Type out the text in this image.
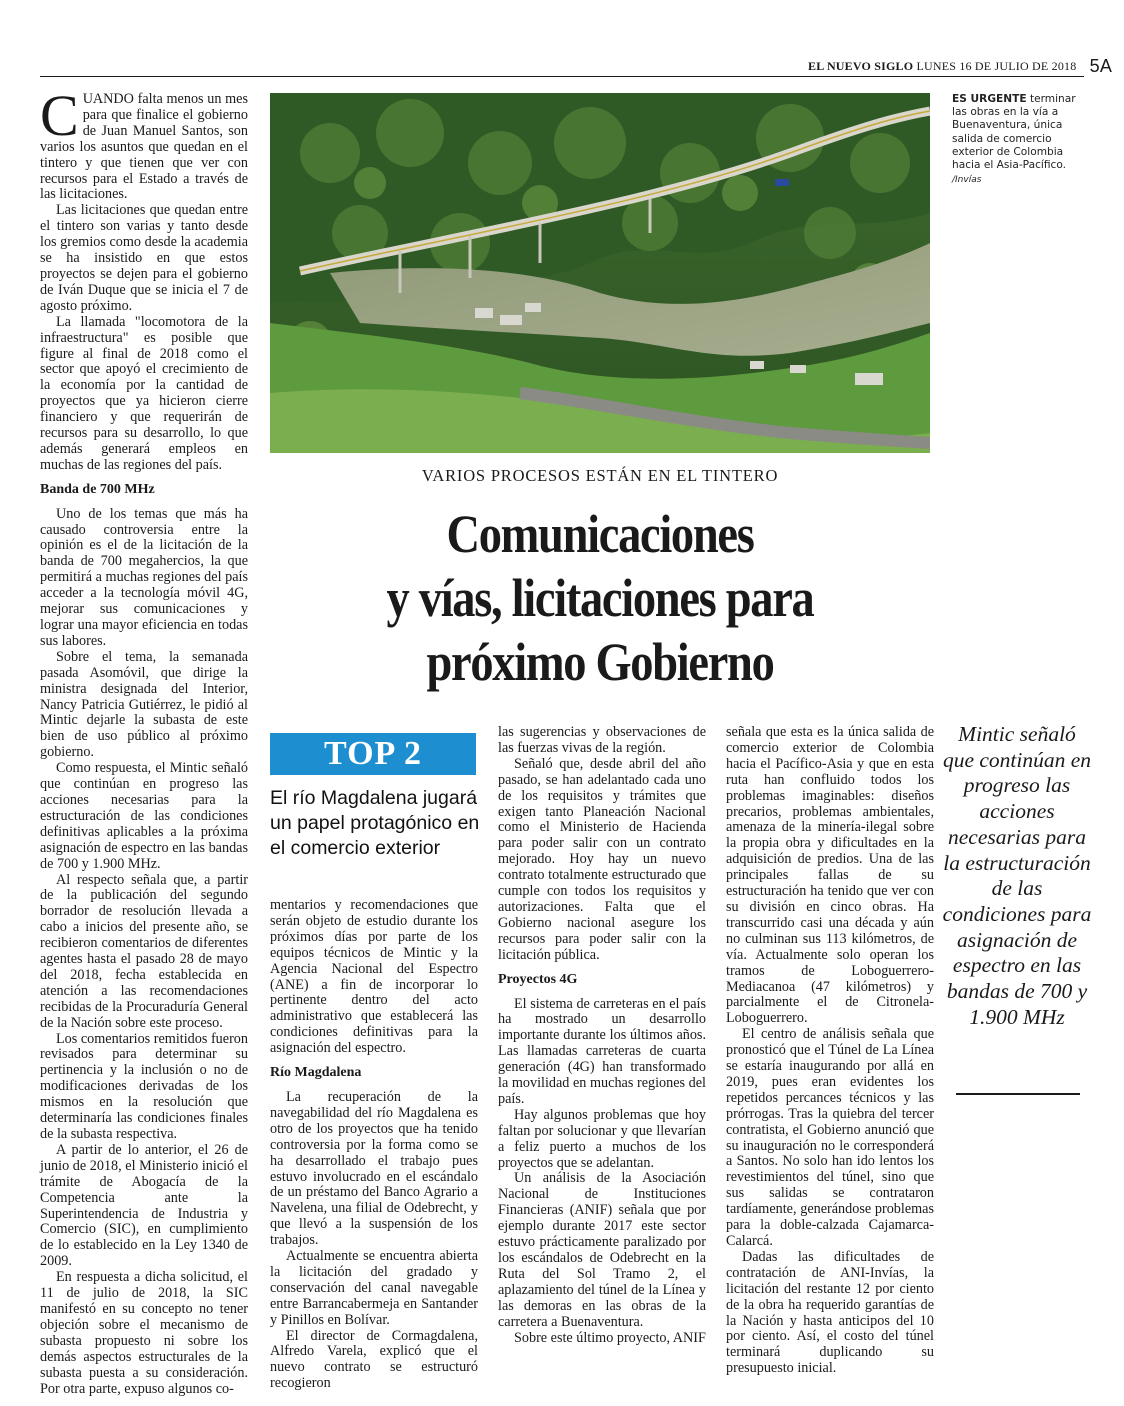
EL NUEVO SIGLO LUNES 16 DE JULIO DE 2018 5A
ES URGENTE terminar las obras en la vía a Buenaventura, única salida de comercio exterior de Colombia hacia el Asia-Pacífico.
/Invías
VARIOS PROCESOS ESTÁN EN EL TINTERO
Comunicaciones
y vías, licitaciones para
próximo Gobierno
TOP 2
El río Magdalena jugará un papel protagónico en el comercio exterior

CUANDO falta menos un mes para que finalice el gobierno de Juan Manuel Santos, son varios los asuntos que quedan en el tintero y que tienen que ver con recursos para el Estado a través de las licitaciones.

Las licitaciones que quedan entre el tintero son varias y tanto desde los gremios como desde la academia se ha insistido en que estos proyectos se dejen para el gobierno de Iván Duque que se inicia el 7 de agosto próximo.

La llamada "locomotora de la infraestructura" es posible que figure al final de 2018 como el sector que apoyó el crecimiento de la economía por la cantidad de proyectos que ya hicieron cierre financiero y que requerirán de recursos para su desarrollo, lo que además generará empleos en muchas de las regiones del país.

Banda de 700 MHz

Uno de los temas que más ha causado controversia entre la opinión es el de la licitación de la banda de 700 megahercios, la que permitirá a muchas regiones del país acceder a la tecnología móvil 4G, mejorar sus comunicaciones y lograr una mayor eficiencia en todas sus labores.

Sobre el tema, la semanada pasada Asomóvil, que dirige la ministra designada del Interior, Nancy Patricia Gutiérrez, le pidió al Mintic dejarle la subasta de este bien de uso público al próximo gobierno.

Como respuesta, el Mintic señaló que continúan en progreso las acciones necesarias para la estructuración de las condiciones definitivas aplicables a la próxima asignación de espectro en las bandas de 700 y 1.900 MHz.

Al respecto señala que, a partir de la publicación del segundo borrador de resolución llevada a cabo a inicios del presente año, se recibieron comentarios de diferentes agentes hasta el pasado 28 de mayo del 2018, fecha establecida en atención a las recomendaciones recibidas de la Procuraduría General de la Nación sobre este proceso.

Los comentarios remitidos fueron revisados para determinar su pertinencia y la inclusión o no de modificaciones derivadas de los mismos en la resolución que determinaría las condiciones finales de la subasta respectiva.

A partir de lo anterior, el 26 de junio de 2018, el Ministerio inició el trámite de Abogacía de la Competencia ante la Superintendencia de Industria y Comercio (SIC), en cumplimiento de lo establecido en la Ley 1340 de 2009.

En respuesta a dicha solicitud, el 11 de julio de 2018, la SIC manifestó en su concepto no tener objeción sobre el mecanismo de subasta propuesto ni sobre los demás aspectos estructurales de la subasta puesta a su consideración. Por otra parte, expuso algunos co-

mentarios y recomendaciones que serán objeto de estudio durante los próximos días por parte de los equipos técnicos de Mintic y la Agencia Nacional del Espectro (ANE) a fin de incorporar lo pertinente dentro del acto administrativo que establecerá las condiciones definitivas para la asignación del espectro.

Río Magdalena

La recuperación de la navegabilidad del río Magdalena es otro de los proyectos que ha tenido controversia por la forma como se ha desarrollado el trabajo pues estuvo involucrado en el escándalo de un préstamo del Banco Agrario a Navelena, una filial de Odebrecht, y que llevó a la suspensión de los trabajos.

Actualmente se encuentra abierta la licitación del gradado y conservación del canal navegable entre Barrancabermeja en Santander y Pinillos en Bolívar.

El director de Cormagdalena, Alfredo Varela, explicó que el nuevo contrato se estructuró recogieron

las sugerencias y observaciones de las fuerzas vivas de la región.

Señaló que, desde abril del año pasado, se han adelantado cada uno de los requisitos y trámites que exigen tanto Planeación Nacional como el Ministerio de Hacienda para poder salir con un contrato mejorado. Hoy hay un nuevo contrato totalmente estructurado que cumple con todos los requisitos y autorizaciones. Falta que el Gobierno nacional asegure los recursos para poder salir con la licitación pública.

Proyectos 4G

El sistema de carreteras en el país ha mostrado un desarrollo importante durante los últimos años. Las llamadas carreteras de cuarta generación (4G) han transformado la movilidad en muchas regiones del país.

Hay algunos problemas que hoy faltan por solucionar y que llevarían a feliz puerto a muchos de los proyectos que se adelantan.

Un análisis de la Asociación Nacional de Instituciones Financieras (ANIF) señala que por ejemplo durante 2017 este sector estuvo prácticamente paralizado por los escándalos de Odebrecht en la Ruta del Sol Tramo 2, el aplazamiento del túnel de la Línea y las demoras en las obras de la carretera a Buenaventura.

Sobre este último proyecto, ANIF

señala que esta es la única salida de comercio exterior de Colombia hacia el Pacífico-Asia y que en esta ruta han confluido todos los problemas imaginables: diseños precarios, problemas ambientales, amenaza de la minería-ilegal sobre la propia obra y dificultades en la adquisición de predios. Una de las principales fallas de su estructuración ha tenido que ver con su división en cinco obras. Ha transcurrido casi una década y aún no culminan sus 113 kilómetros, de vía. Actualmente solo operan los tramos de Loboguerrero-Mediacanoa (47 kilómetros) y parcialmente el de Citronela-Loboguerrero.

El centro de análisis señala que pronosticó que el Túnel de La Línea se estaría inaugurando por allá en 2019, pues eran evidentes los repetidos percances técnicos y las prórrogas. Tras la quiebra del tercer contratista, el Gobierno anunció que su inauguración no le corresponderá a Santos. No solo han ido lentos los revestimientos del túnel, sino que sus salidas se contrataron tardíamente, generándose problemas para la doble-calzada Cajamarca-Calarcá.

Dadas las dificultades de contratación de ANI-Invías, la licitación del restante 12 por ciento de la obra ha requerido garantías de la Nación y hasta anticipos del 10 por ciento. Así, el costo del túnel terminará duplicando su presupuesto inicial.

Mintic señaló que continúan en progreso las acciones necesarias para la estructuración de las condiciones para asignación de espectro en las bandas de 700 y 1.900 MHz
